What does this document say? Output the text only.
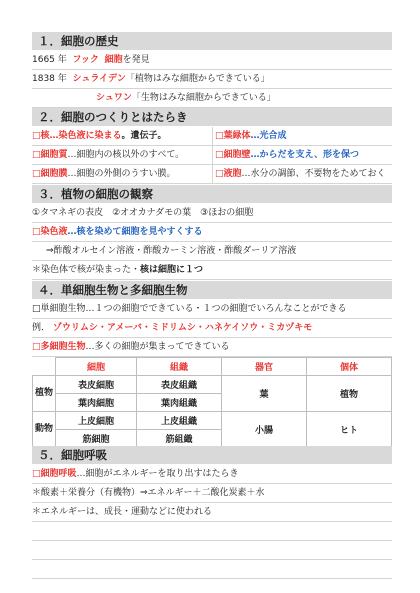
１．細胞の歴史
1665 年 フック 細胞を発見
1838 年 シュライデン「植物はみな細胞からできている」
シュワン「生物はみな細胞からできている」
２．細胞のつくりとはたらき
□核…染色液に染まる。遺伝子。	□葉緑体…光合成
□細胞質…細胞内の核以外のすべて。	□細胞壁…からだを支え、形を保つ
□細胞膜…細胞の外側のうすい膜。	□液胞…水分の調節、不要物をためておく
３．植物の細胞の観察
①タマネギの表皮　②オオカナダモの葉　③ほおの細胞
□染色液…核を染めて細胞を見やすくする
⇒酢酸オルセイン溶液・酢酸カーミン溶液・酢酸ダーリア溶液
＊染色体で核が染まった・核は細胞に１つ
４．単細胞生物と多細胞生物
□単細胞生物…１つの細胞でできている・１つの細胞でいろんなことができる
例． ゾウリムシ・アメーバ・ミドリムシ・ハネケイソウ・ミカヅキモ
□多細胞生物…多くの細胞が集まってできている
	細胞	組織	器官	個体
植物	表皮細胞	表皮組織	葉	植物
	葉肉細胞	葉肉組織		
動物	上皮細胞	上皮組織	小腸	ヒト
	筋細胞	筋組織		
５．細胞呼吸
□細胞呼吸…細胞がエネルギーを取り出すはたらき
＊酸素＋栄養分（有機物）⇒エネルギー＋二酸化炭素＋水
＊エネルギーは、成長・運動などに使われる
